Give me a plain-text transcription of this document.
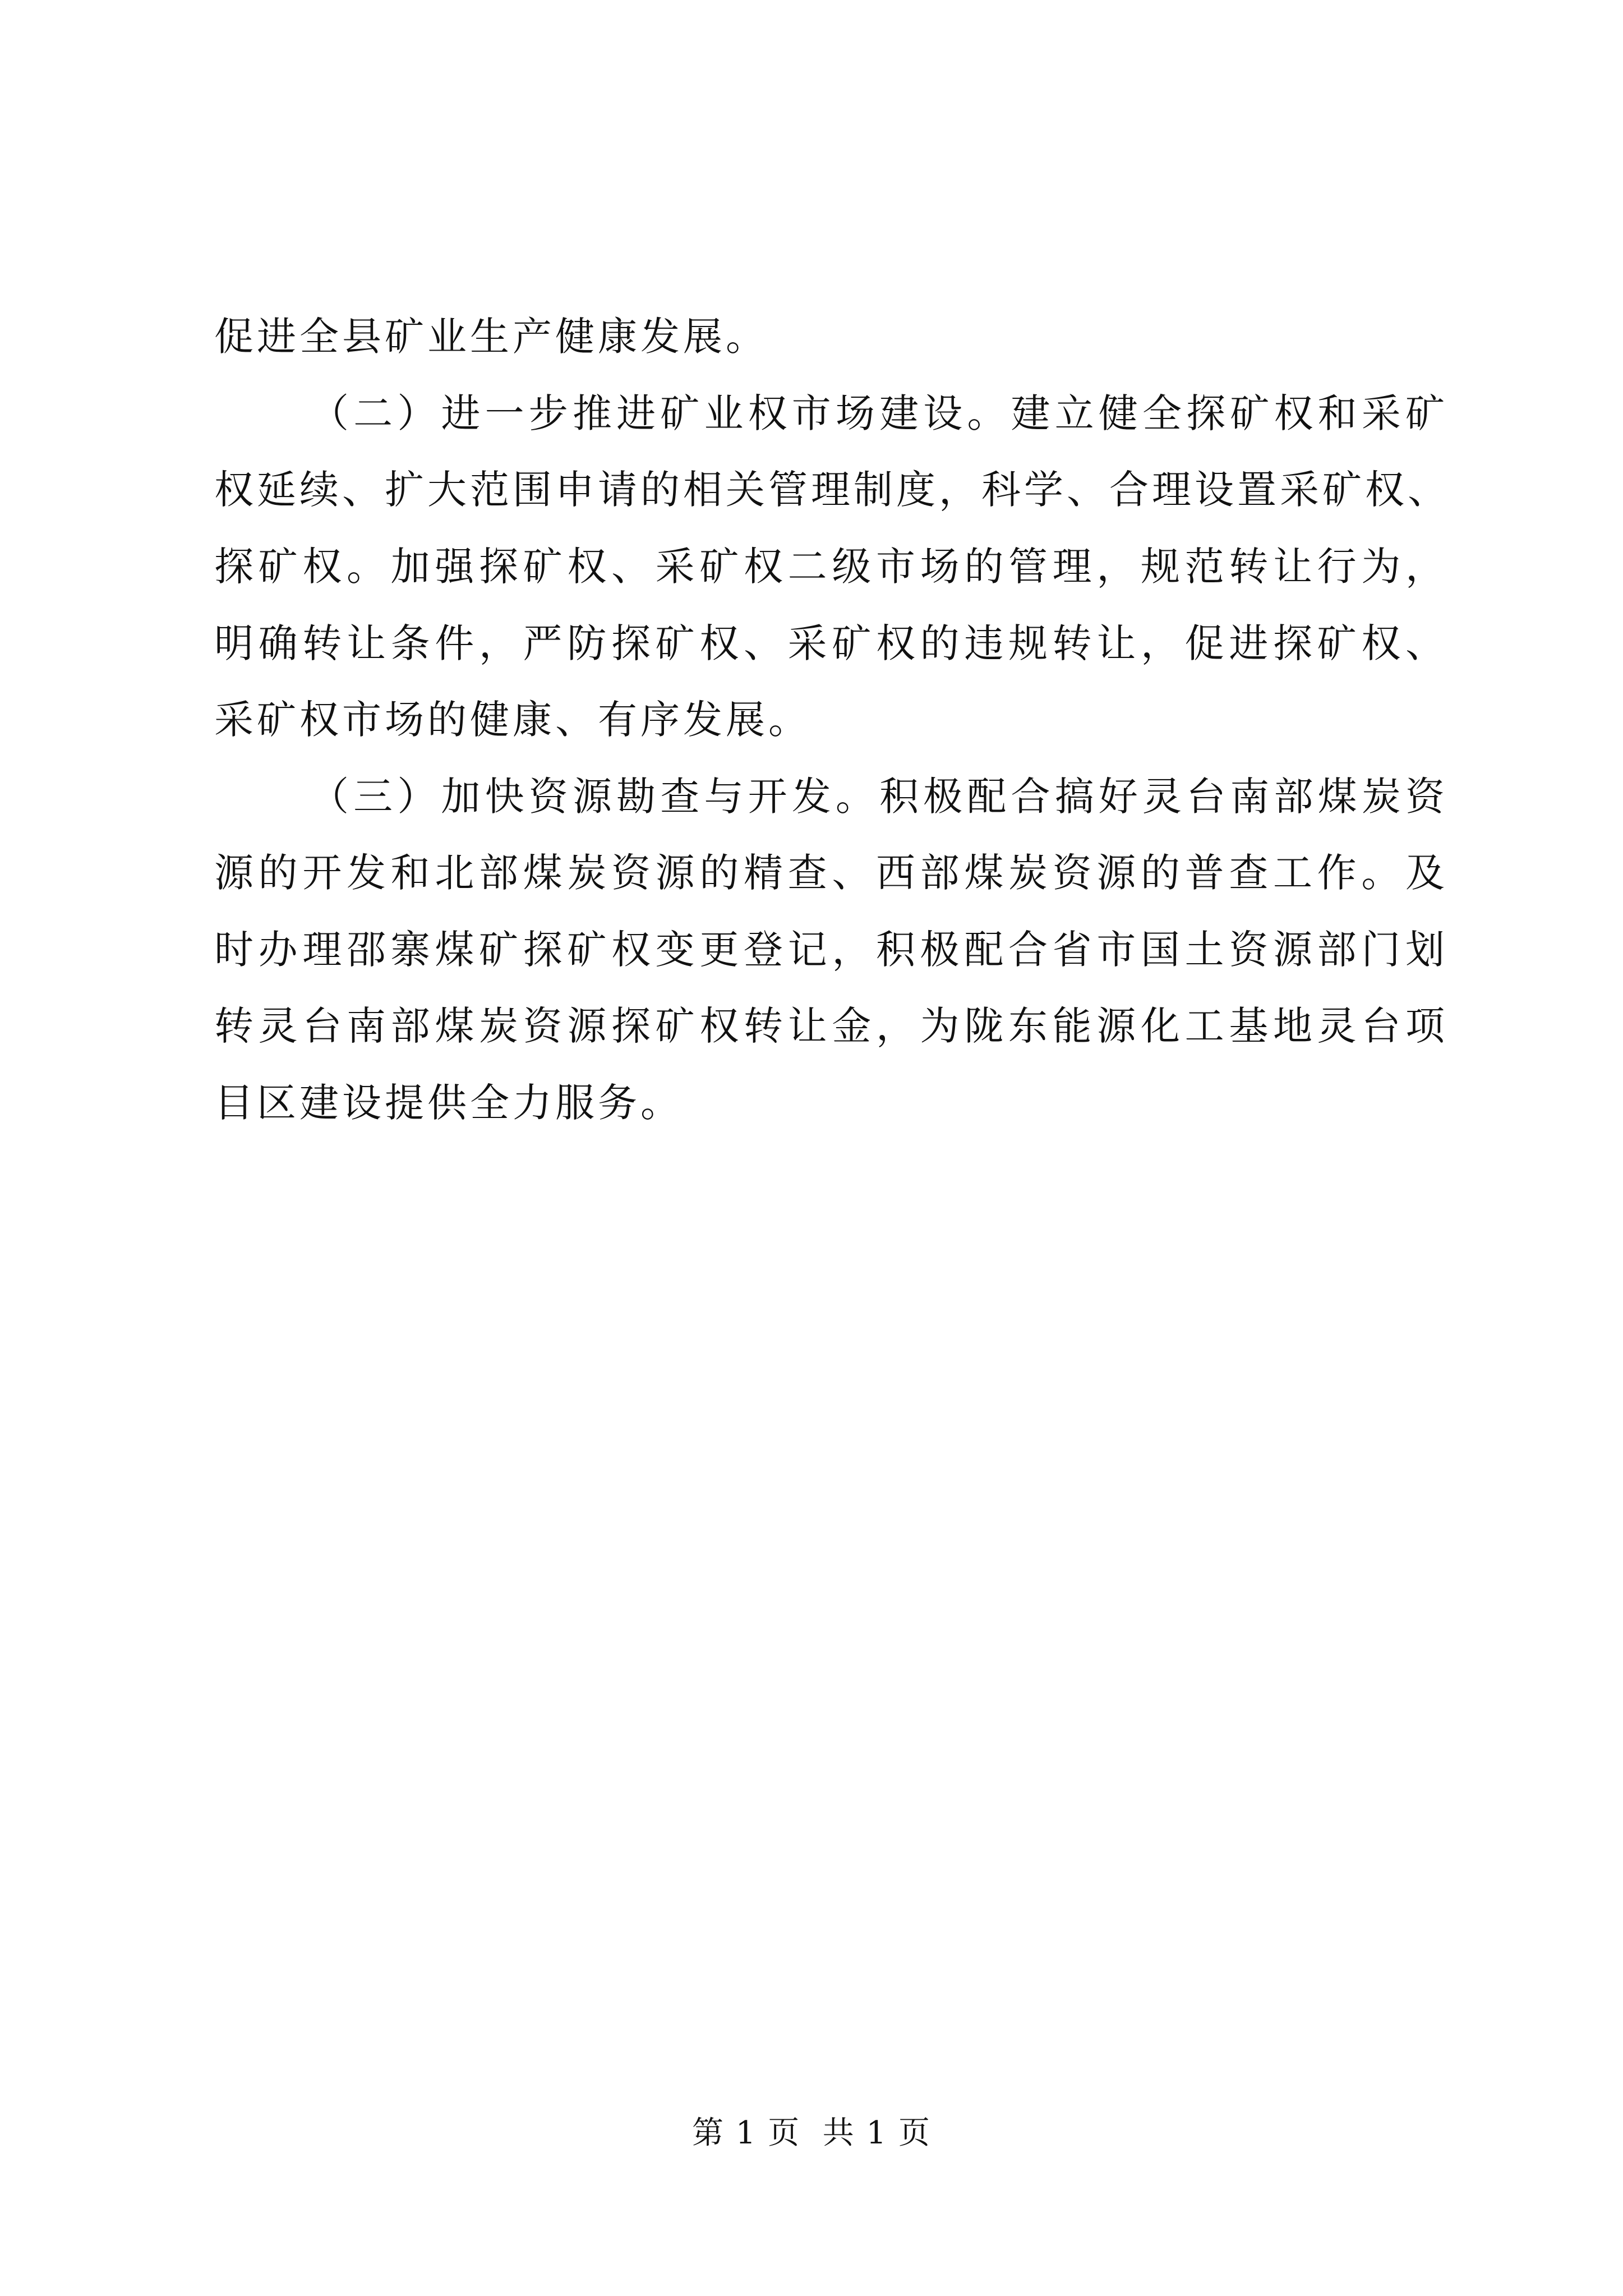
促进全县矿业生产健康发展。
（二）进一步推进矿业权市场建设。建立健全探矿权和采矿
权延续、扩大范围申请的相关管理制度，科学、合理设置采矿权、
探矿权。加强探矿权、采矿权二级市场的管理，规范转让行为，
明确转让条件，严防探矿权、采矿权的违规转让，促进探矿权、
采矿权市场的健康、有序发展。
（三）加快资源勘查与开发。积极配合搞好灵台南部煤炭资
源的开发和北部煤炭资源的精查、西部煤炭资源的普查工作。及
时办理邵寨煤矿探矿权变更登记，积极配合省市国土资源部门划
转灵台南部煤炭资源探矿权转让金，为陇东能源化工基地灵台项
目区建设提供全力服务。
第 1 页  共 1 页
